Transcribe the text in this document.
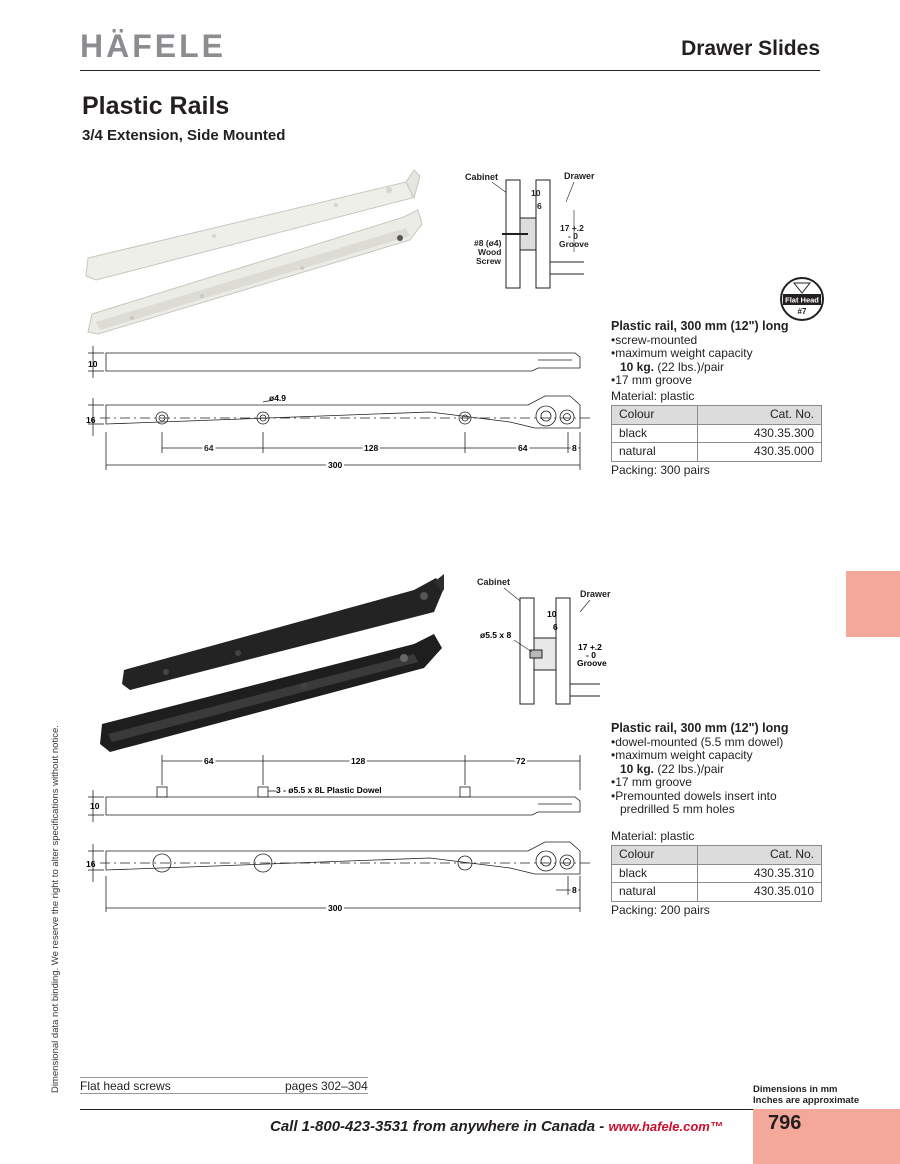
HÄFELE	Drawer Slides
Plastic Rails
3/4 Extension, Side Mounted
Cabinet	Drawer
10
6
17 +.2
- 0
Groove
#8 (ø4)
Wood
Screw
Flat Head
#7
10
16
ø4.9
64	128	64	8
300
Plastic rail, 300 mm (12") long
• screw-mounted
• maximum weight capacity
10 kg. (22 lbs.)/pair
• 17 mm groove
Material: plastic
Colour	Cat. No.
black	430.35.300
natural	430.35.000
Packing: 300 pairs
Cabinet
Drawer
10
6
17 +.2
- 0
Groove
ø5.5 x 8
64	128	72
3 - ø5.5 x 8L Plastic Dowel
10
16
8
300
Plastic rail, 300 mm (12") long
• dowel-mounted (5.5 mm dowel)
• maximum weight capacity
10 kg. (22 lbs.)/pair
• 17 mm groove
• Premounted dowels insert into predrilled 5 mm holes
Material: plastic
Colour	Cat. No.
black	430.35.310
natural	430.35.010
Packing: 200 pairs
Dimensional data not binding. We reserve the right to alter specifications without notice. Flat head screws	pages 302–304	Dimensions in mm
Inches are approximate
796
Call 1-800-423-3531 from anywhere in Canada - www.hafele.com™
